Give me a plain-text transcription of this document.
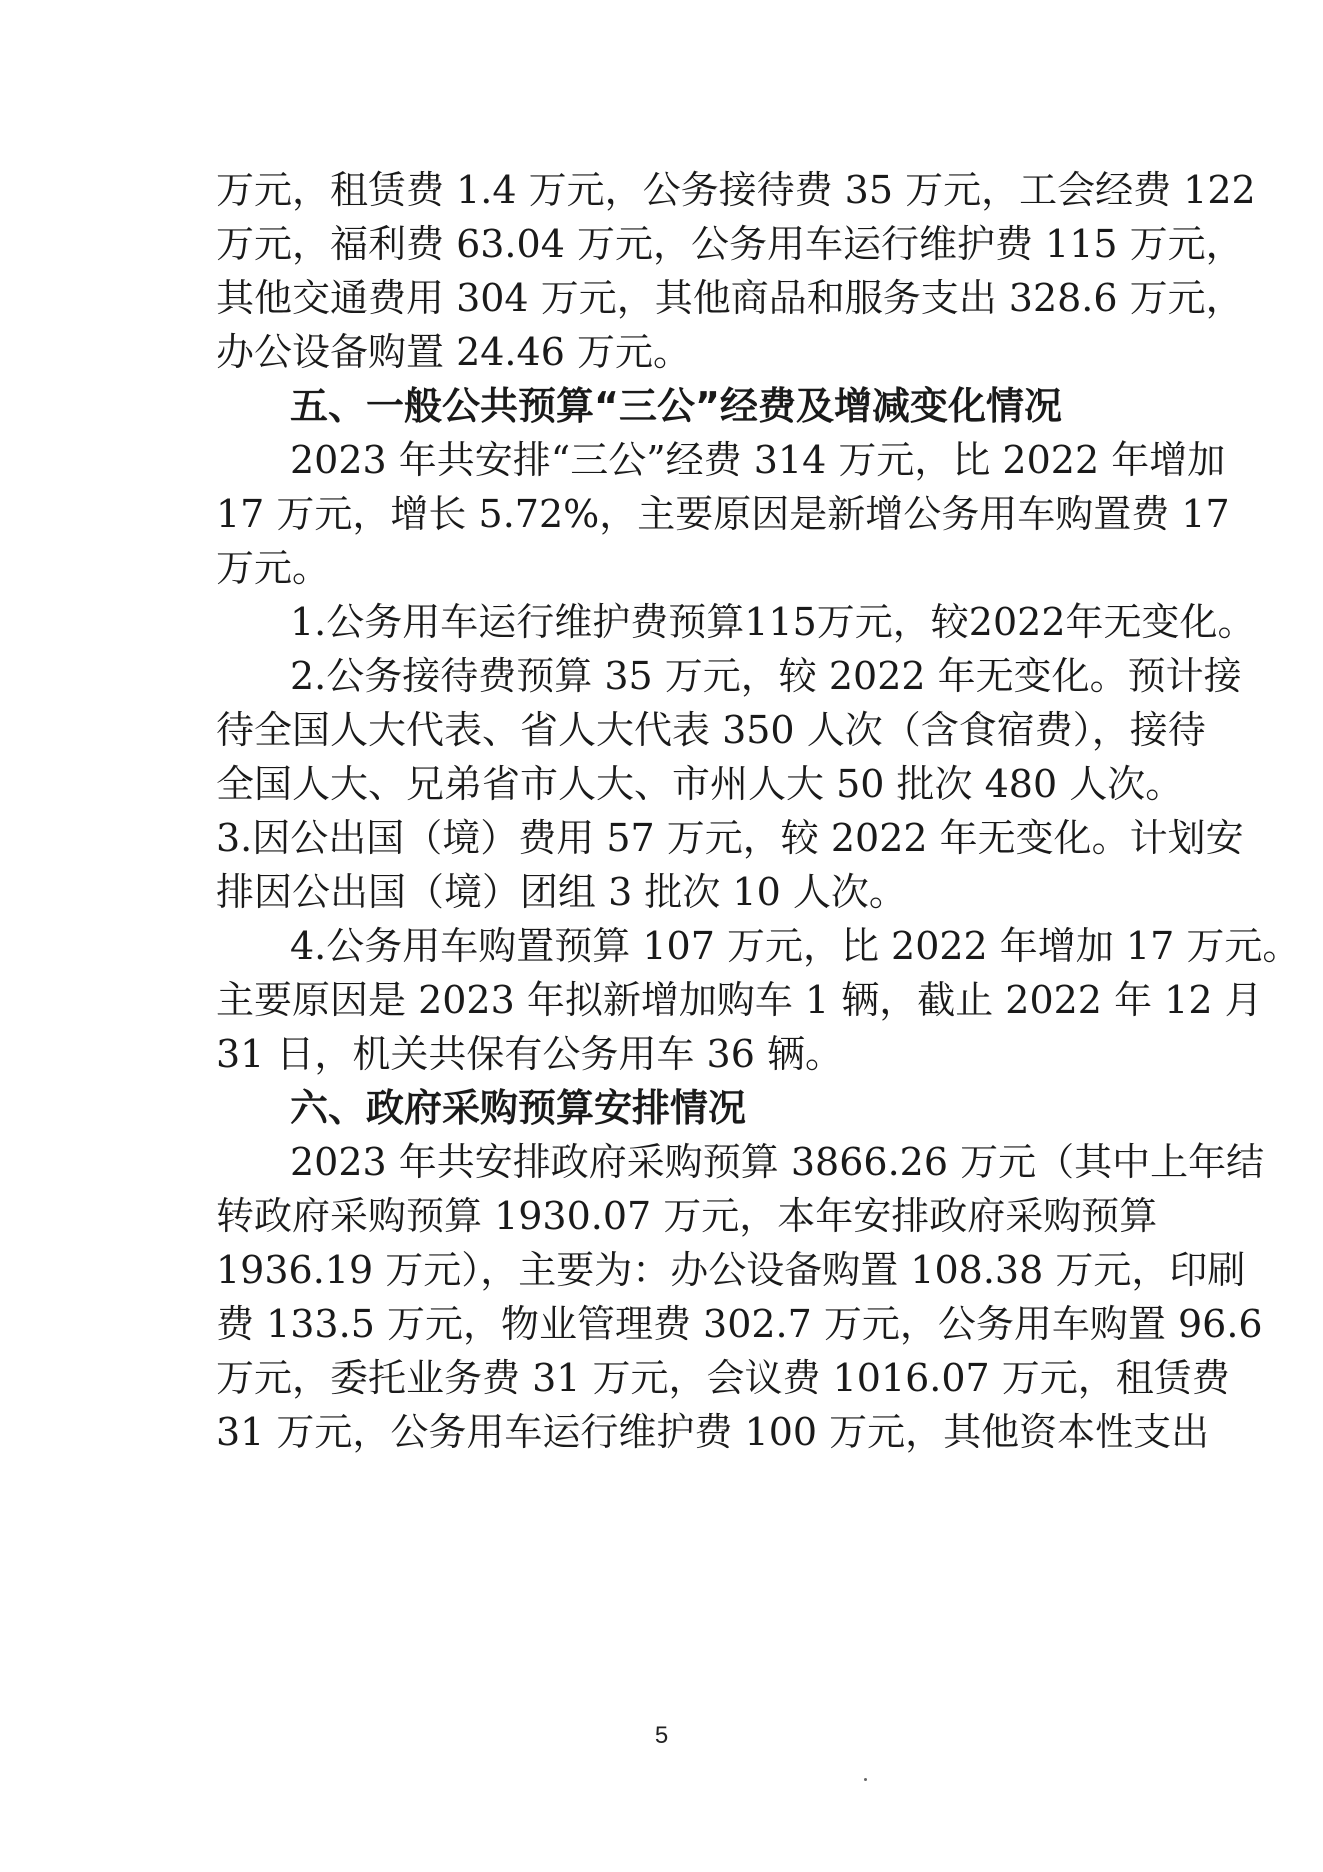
万元，租赁费 1.4 万元，公务接待费 35 万元，工会经费 122
万元，福利费 63.04 万元，公务用车运行维护费 115 万元，
其他交通费用 304 万元，其他商品和服务支出 328.6 万元，
办公设备购置 24.46 万元。
五、一般公共预算“三公”经费及增减变化情况
2023 年共安排“三公”经费 314 万元，比 2022 年增加
17 万元，增长 5.72%，主要原因是新增公务用车购置费 17
万元。
1.公务用车运行维护费预算115万元，较2022年无变化。
2.公务接待费预算 35 万元，较 2022 年无变化。预计接
待全国人大代表、省人大代表 350 人次（含食宿费），接待
全国人大、兄弟省市人大、市州人大 50 批次 480 人次。
3.因公出国（境）费用 57 万元，较 2022 年无变化。计划安
排因公出国（境）团组 3 批次 10 人次。
4.公务用车购置预算 107 万元，比 2022 年增加 17 万元。
主要原因是 2023 年拟新增加购车 1 辆，截止 2022 年 12 月
31 日，机关共保有公务用车 36 辆。
六、政府采购预算安排情况
2023 年共安排政府采购预算 3866.26 万元（其中上年结
转政府采购预算 1930.07 万元，本年安排政府采购预算
1936.19 万元），主要为：办公设备购置 108.38 万元，印刷
费 133.5 万元，物业管理费 302.7 万元，公务用车购置 96.6
万元，委托业务费 31 万元，会议费 1016.07 万元，租赁费
31 万元，公务用车运行维护费 100 万元，其他资本性支出
5
